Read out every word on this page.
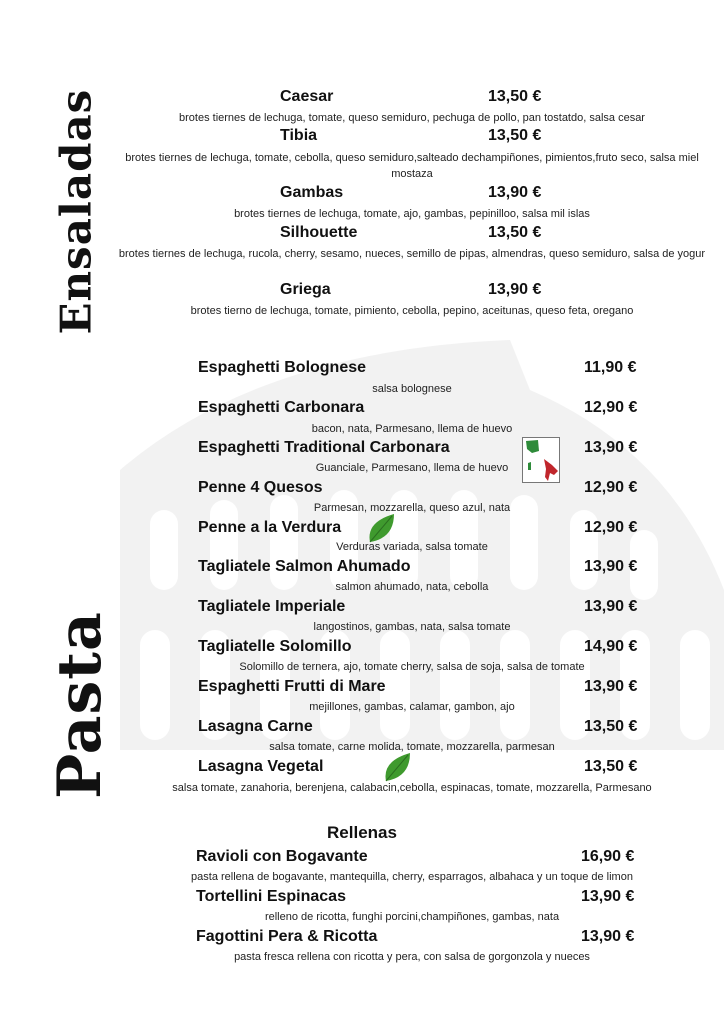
Ensaladas
Pasta
Rellenas
Caesar	13,50 €
brotes tiernes de lechuga, tomate, queso semiduro, pechuga de pollo, pan tostatdo, salsa cesar
Tibia	13,50 €
brotes tiernes de lechuga, tomate, cebolla, queso semiduro,salteado dechampiñones, pimientos,fruto seco, salsa miel mostaza
Gambas	13,90 €
brotes tiernes de lechuga, tomate, ajo, gambas, pepinilloo, salsa mil islas
Silhouette	13,50 €
brotes tiernes de lechuga, rucola, cherry, sesamo, nueces, semillo de pipas, almendras, queso semiduro, salsa de yogur
Griega	13,90 €
brotes tierno de lechuga, tomate, pimiento, cebolla, pepino, aceitunas, queso feta, oregano
Espaghetti Bolognese	11,90 €
salsa bolognese
Espaghetti Carbonara	12,90 €
bacon, nata, Parmesano, llema de huevo
Espaghetti Traditional Carbonara	13,90 €
Guanciale, Parmesano, llema de huevo
Penne 4 Quesos	12,90 €
Parmesan, mozzarella, queso azul, nata
Penne a la Verdura	12,90 €
Verduras variada, salsa tomate
Tagliatele Salmon Ahumado	13,90 €
salmon ahumado, nata, cebolla
Tagliatele Imperiale	13,90 €
langostinos, gambas, nata, salsa tomate
Tagliatelle Solomillo	14,90 €
Solomillo de ternera, ajo, tomate cherry, salsa de soja, salsa de tomate
Espaghetti Frutti di Mare	13,90 €
mejillones, gambas, calamar, gambon, ajo
Lasagna Carne	13,50 €
salsa tomate, carne molida, tomate, mozzarella, parmesan
Lasagna Vegetal	13,50 €
salsa tomate, zanahoria, berenjena, calabacin,cebolla, espinacas, tomate, mozzarella, Parmesano
Ravioli con Bogavante	16,90 €
pasta rellena de bogavante, mantequilla, cherry, esparragos, albahaca y un toque de limon
Tortellini Espinacas	13,90 €
relleno de ricotta, funghi porcini,champiñones, gambas, nata
Fagottini Pera & Ricotta	13,90 €
pasta fresca rellena con ricotta y pera, con salsa de gorgonzola y nueces
